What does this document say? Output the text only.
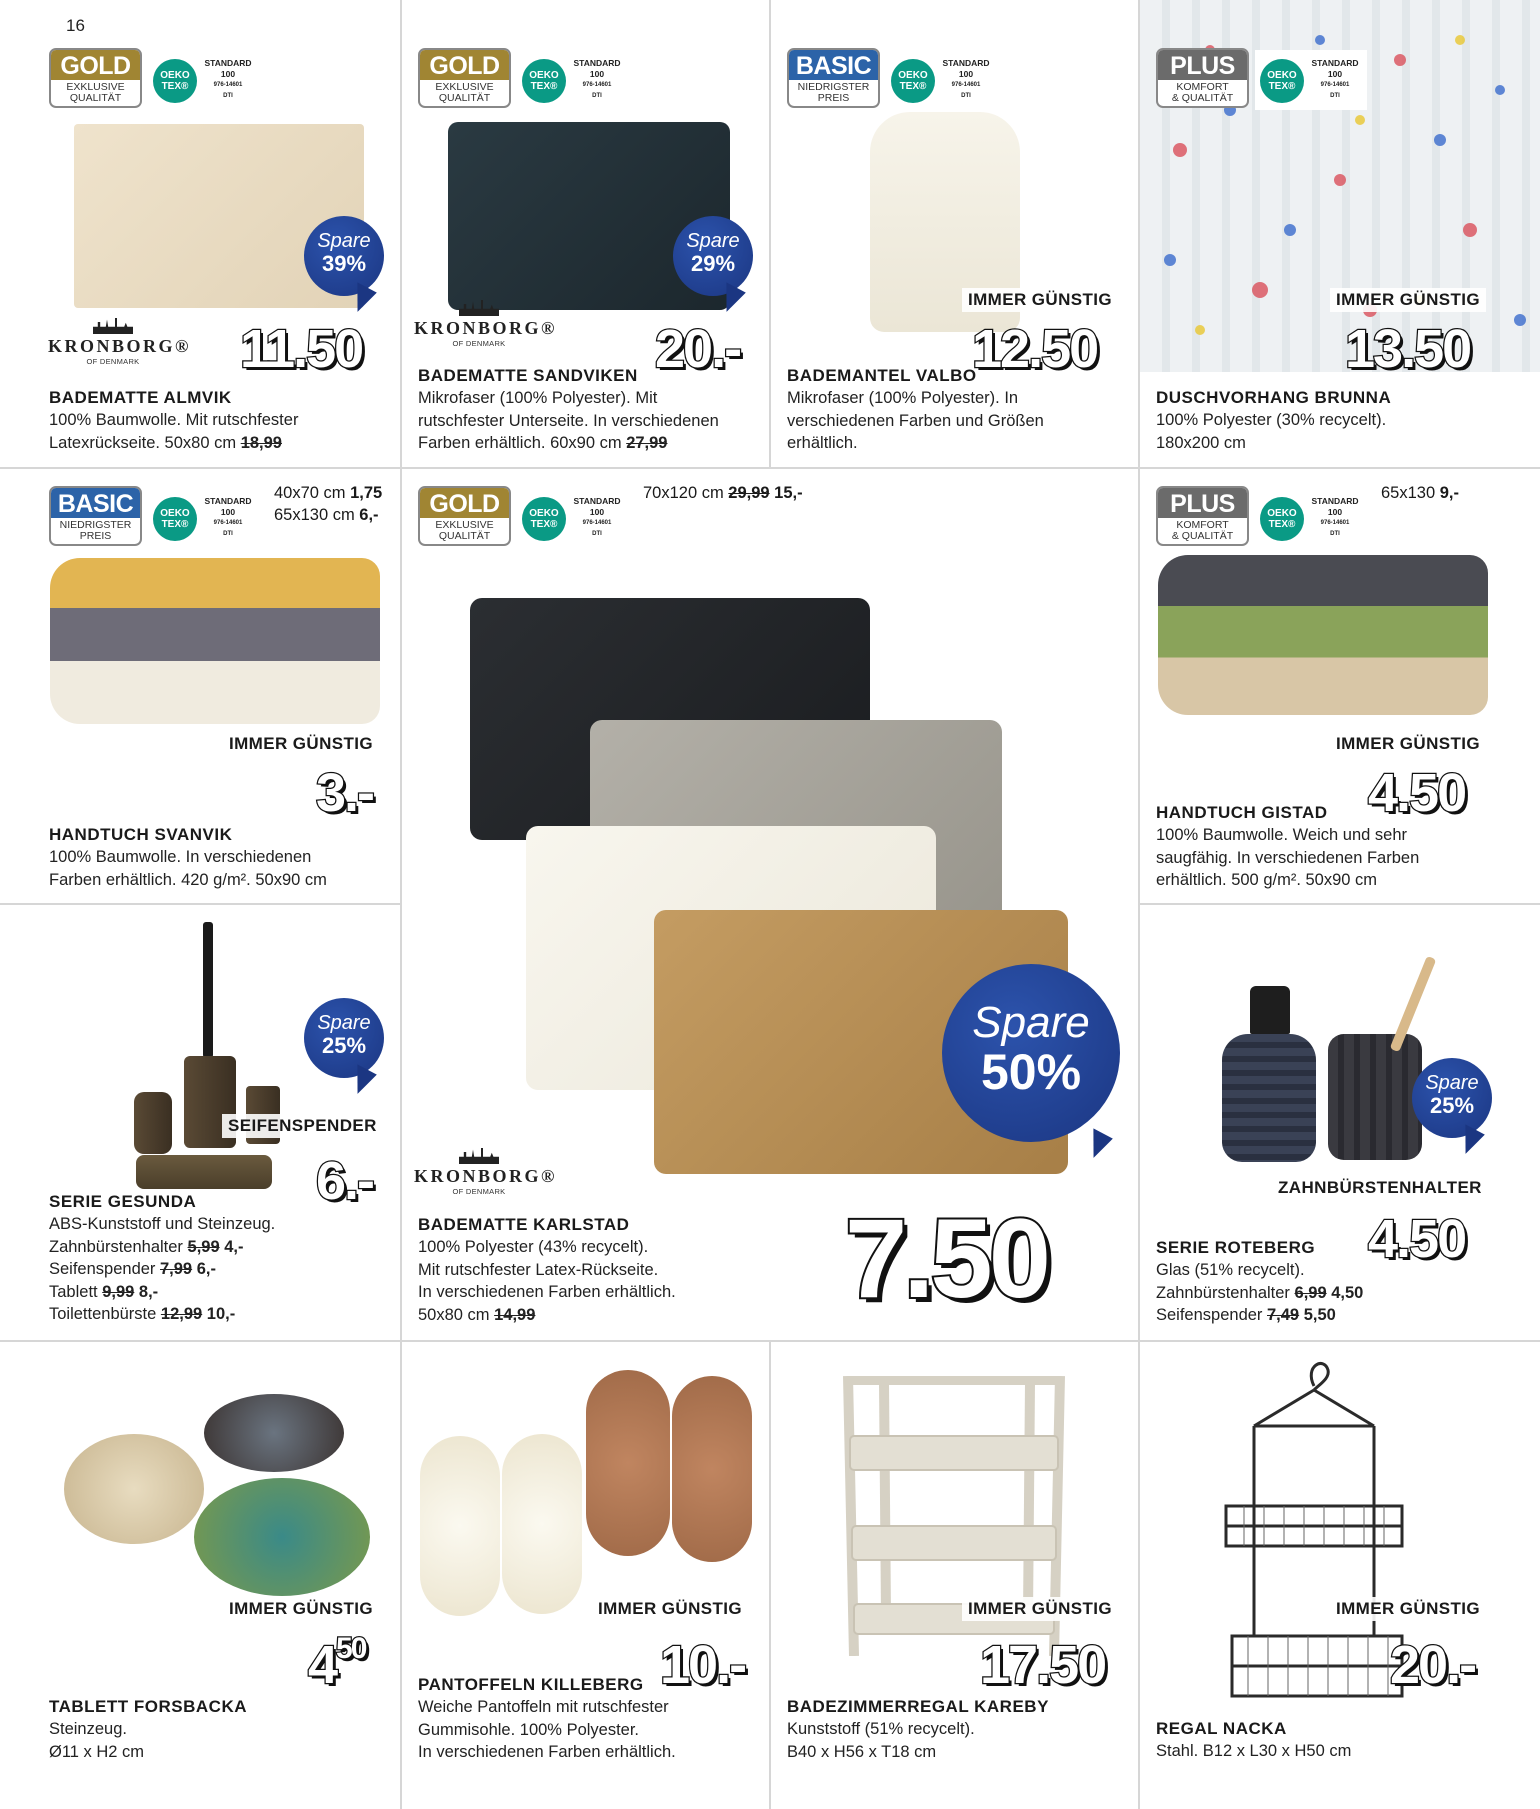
16
GOLD
EXKLUSIVE
QUALITÄT
OEKO
TEX®
STANDARD
100
976-14601
DTI
Spare
39%
KRONBORG®
OF DENMARK	11.50
BADEMATTE ALMVIK
100% Baumwolle. Mit rutschfester
Latexrückseite. 50x80 cm 18,99
GOLD
EXKLUSIVE
QUALITÄT
OEKO
TEX®
STANDARD
100
976-14601
DTI
Spare
29%
KRONBORG®
OF DENMARK	20.-
BADEMATTE SANDVIKEN
Mikrofaser (100% Polyester). Mit
rutschfester Unterseite. In verschiedenen
Farben erhältlich. 60x90 cm 27,99
BASIC
NIEDRIGSTER
PREIS
OEKO
TEX®
STANDARD
100
976-14601
DTI
IMMER GÜNSTIG
12.50
BADEMANTEL VALBO
Mikrofaser (100% Polyester). In
verschiedenen Farben und Größen
erhältlich.
PLUS
KOMFORT
& QUALITÄT
OEKO
TEX®
STANDARD
100
976-14601
DTI
IMMER GÜNSTIG
13.50
DUSCHVORHANG BRUNNA
100% Polyester (30% recycelt).
180x200 cm
BASIC
NIEDRIGSTER
PREIS
OEKO
TEX®
STANDARD
100
976-14601
DTI
40x70 cm 1,75
65x130 cm 6,-
IMMER GÜNSTIG
3.-
HANDTUCH SVANVIK
100% Baumwolle. In verschiedenen
Farben erhältlich. 420 g/m². 50x90 cm
GOLD
EXKLUSIVE
QUALITÄT
OEKO
TEX®
STANDARD
100
976-14601
DTI
70x120 cm 29,99 15,-
Spare
50%
KRONBORG®
OF DENMARK
7.50
BADEMATTE KARLSTAD
100% Polyester (43% recycelt).
Mit rutschfester Latex-Rückseite.
In verschiedenen Farben erhältlich.
50x80 cm 14,99
PLUS
KOMFORT
& QUALITÄT
OEKO
TEX®
STANDARD
100
976-14601
DTI
65x130 9,-
IMMER GÜNSTIG
4.50
HANDTUCH GISTAD
100% Baumwolle. Weich und sehr
saugfähig. In verschiedenen Farben
erhältlich. 500 g/m². 50x90 cm
Spare
25%
SEIFENSPENDER
6.-
SERIE GESUNDA
ABS-Kunststoff und Steinzeug.
Zahnbürstenhalter 5,99 4,-
Seifenspender 7,99 6,-
Tablett 9,99 8,-
Toilettenbürste 12,99 10,-
Spare
25%
ZAHNBÜRSTENHALTER
4.50
SERIE ROTEBERG
Glas (51% recycelt).
Zahnbürstenhalter 6,99 4,50
Seifenspender 7,49 5,50
IMMER GÜNSTIG
$4^{50}$
TABLETT FORSBACKA
Steinzeug.
Ø11 x H2 cm
IMMER GÜNSTIG
10.-
PANTOFFELN KILLEBERG
Weiche Pantoffeln mit rutschfester
Gummisohle. 100% Polyester.
In verschiedenen Farben erhältlich.
IMMER GÜNSTIG
17.50
BADEZIMMERREGAL KAREBY
Kunststoff (51% recycelt).
B40 x H56 x T18 cm
IMMER GÜNSTIG
20.-
REGAL NACKA
Stahl. B12 x L30 x H50 cm
